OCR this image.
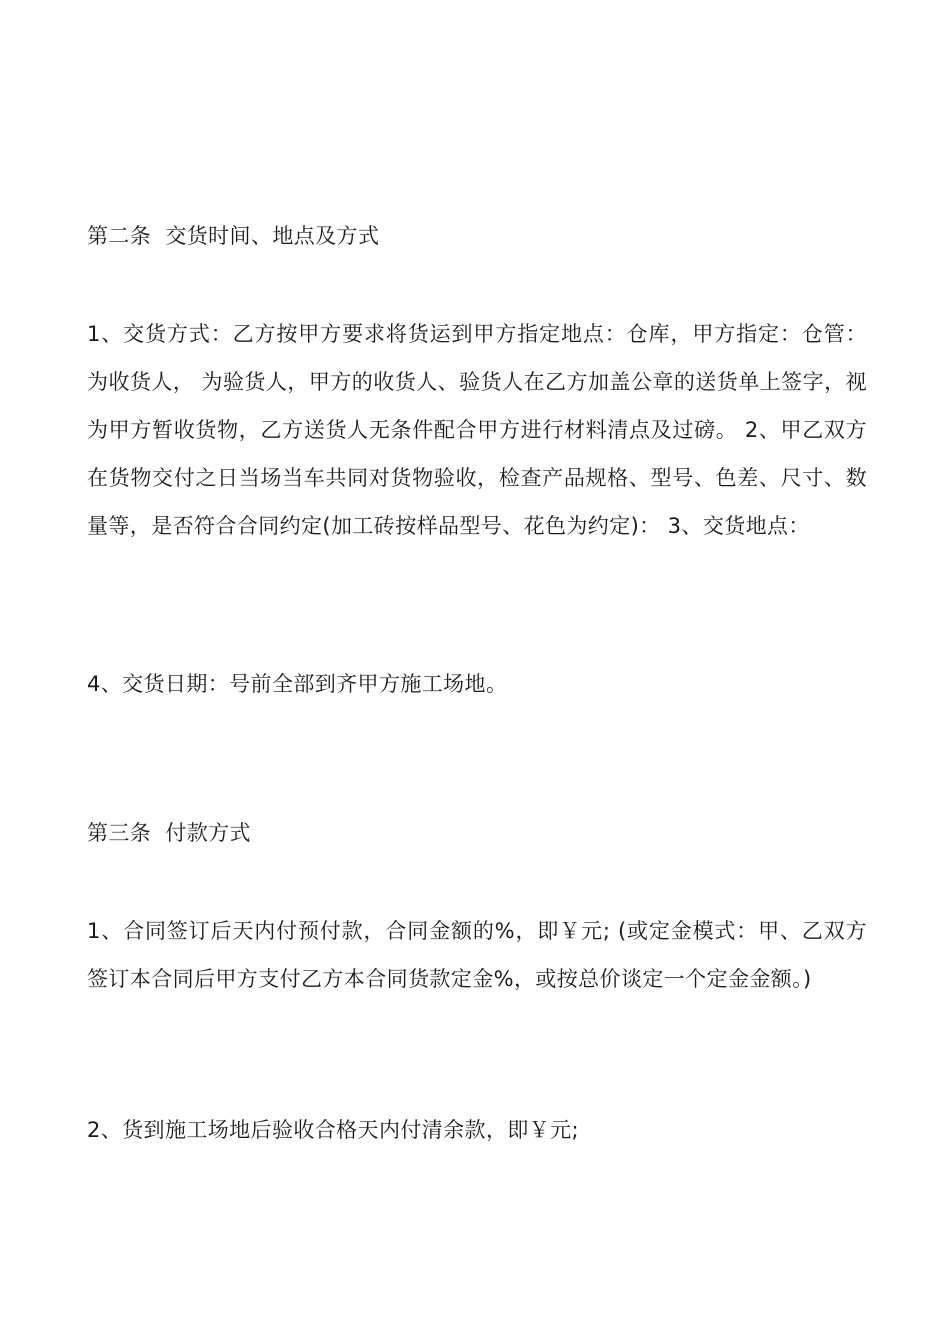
第二条  交货时间、地点及方式
1、交货方式：乙方按甲方要求将货运到甲方指定地点：仓库，甲方指定：仓管： 为收货人， 为验货人，甲方的收货人、验货人在乙方加盖公章的送货单上签字，视为甲方暂收货物，乙方送货人无条件配合甲方进行材料清点及过磅。 2、甲乙双方在货物交付之日当场当车共同对货物验收，检查产品规格、型号、色差、尺寸、数量等，是否符合合同约定(加工砖按样品型号、花色为约定)： 3、交货地点：
4、交货日期：号前全部到齐甲方施工场地。
第三条  付款方式
1、合同签订后天内付预付款，合同金额的%，即￥元; (或定金模式：甲、乙双方签订本合同后甲方支付乙方本合同货款定金%，或按总价谈定一个定金金额。)
2、货到施工场地后验收合格天内付清余款，即￥元;
